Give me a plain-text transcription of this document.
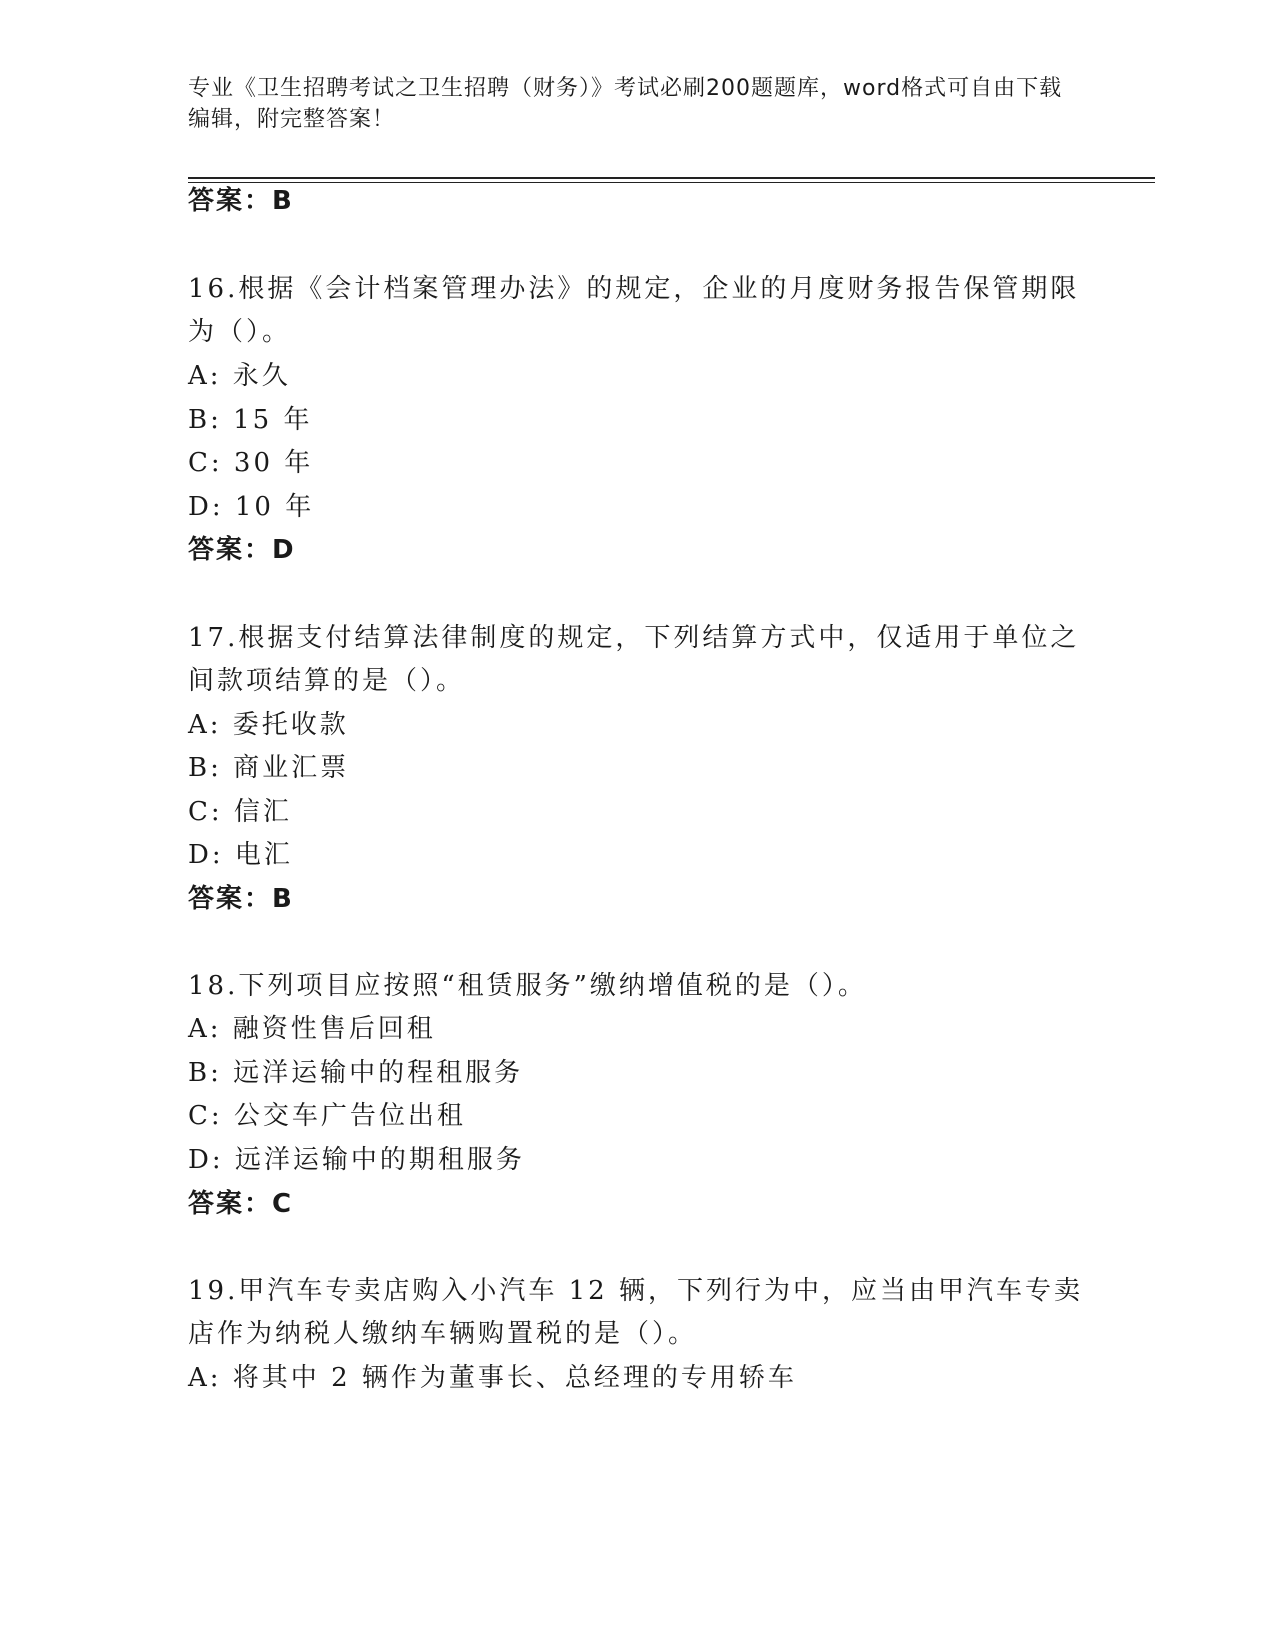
专业《卫生招聘考试之卫生招聘（财务）》考试必刷200题题库，word格式可自由下载编辑，附完整答案！
答案：B
16.根据《会计档案管理办法》的规定，企业的月度财务报告保管期限
为（）。
A: 永久
B: 15 年
C: 30 年
D: 10 年
答案：D
17.根据支付结算法律制度的规定，下列结算方式中，仅适用于单位之
间款项结算的是（）。
A: 委托收款
B: 商业汇票
C: 信汇
D: 电汇
答案：B
18.下列项目应按照“租赁服务”缴纳增值税的是（）。
A: 融资性售后回租
B: 远洋运输中的程租服务
C: 公交车广告位出租
D: 远洋运输中的期租服务
答案：C
19.甲汽车专卖店购入小汽车 12 辆，下列行为中，应当由甲汽车专卖
店作为纳税人缴纳车辆购置税的是（）。
A: 将其中 2 辆作为董事长、总经理的专用轿车
